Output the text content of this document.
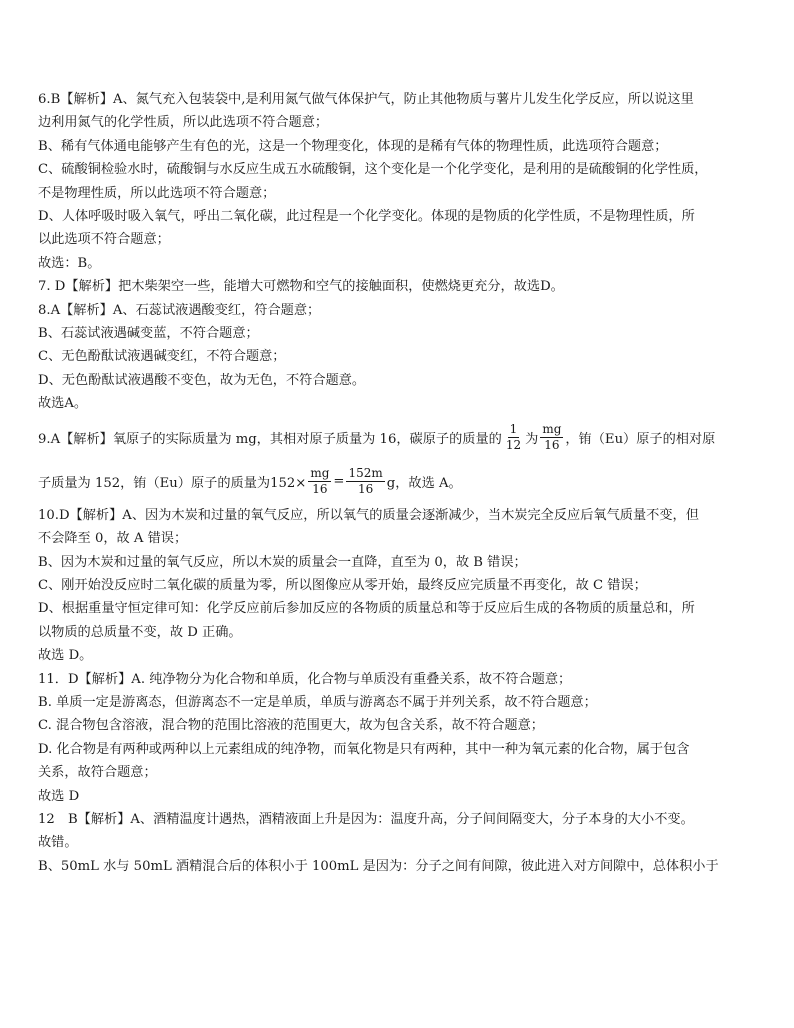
6.B【解析】A、氮气充入包装袋中,是利用氮气做气体保护气，防止其他物质与薯片儿发生化学反应，所以说这里
边利用氮气的化学性质，所以此选项不符合题意；
B、稀有气体通电能够产生有色的光，这是一个物理变化，体现的是稀有气体的物理性质，此选项符合题意；
C、硫酸铜检验水时，硫酸铜与水反应生成五水硫酸铜，这个变化是一个化学变化，是利用的是硫酸铜的化学性质，
不是物理性质，所以此选项不符合题意；
D、人体呼吸时吸入氧气，呼出二氧化碳，此过程是一个化学变化。体现的是物质的化学性质，不是物理性质，所
以此选项不符合题意；
故选：B。
7. D【解析】把木柴架空一些，能增大可燃物和空气的接触面积，使燃烧更充分，故选D。
8.A【解析】A、石蕊试液遇酸变红，符合题意；
B、石蕊试液遇碱变蓝，不符合题意；
C、无色酚酞试液遇碱变红，不符合题意；
D、无色酚酞试液遇酸不变色，故为无色，不符合题意。
故选A。
9.A【解析】氧原子的实际质量为 mg，其相对原子质量为 16，碳原子的质量的 $\frac{1}{12}$ 为 $\frac{mg}{16}$ ，铕（Eu）原子的相对原
子质量为 152，铕（Eu）原子的质量为$152\times \frac{mg}{16} = \frac{152m}{16}$ g，故选 A。
10.D【解析】A、因为木炭和过量的氧气反应，所以氧气的质量会逐渐减少，当木炭完全反应后氧气质量不变，但
不会降至 0，故 A 错误；
B、因为木炭和过量的氧气反应，所以木炭的质量会一直降，直至为 0，故 B 错误；
C、刚开始没反应时二氧化碳的质量为零，所以图像应从零开始，最终反应完质量不再变化，故 C 错误；
D、根据重量守恒定律可知：化学反应前后参加反应的各物质的质量总和等于反应后生成的各物质的质量总和，所
以物质的总质量不变，故 D 正确。
故选 D。
11．D【解析】A. 纯净物分为化合物和单质，化合物与单质没有重叠关系，故不符合题意；
B. 单质一定是游离态，但游离态不一定是单质，单质与游离态不属于并列关系，故不符合题意；
C. 混合物包含溶液，混合物的范围比溶液的范围更大，故为包含关系，故不符合题意；
D. 化合物是有两种或两种以上元素组成的纯净物，而氧化物是只有两种，其中一种为氧元素的化合物，属于包含
关系，故符合题意；
故选 D
12　B【解析】A、酒精温度计遇热，酒精液面上升是因为：温度升高，分子间间隔变大，分子本身的大小不变。
故错。
B、50mL 水与 50mL 酒精混合后的体积小于 100mL 是因为：分子之间有间隙，彼此进入对方间隙中，总体积小于
